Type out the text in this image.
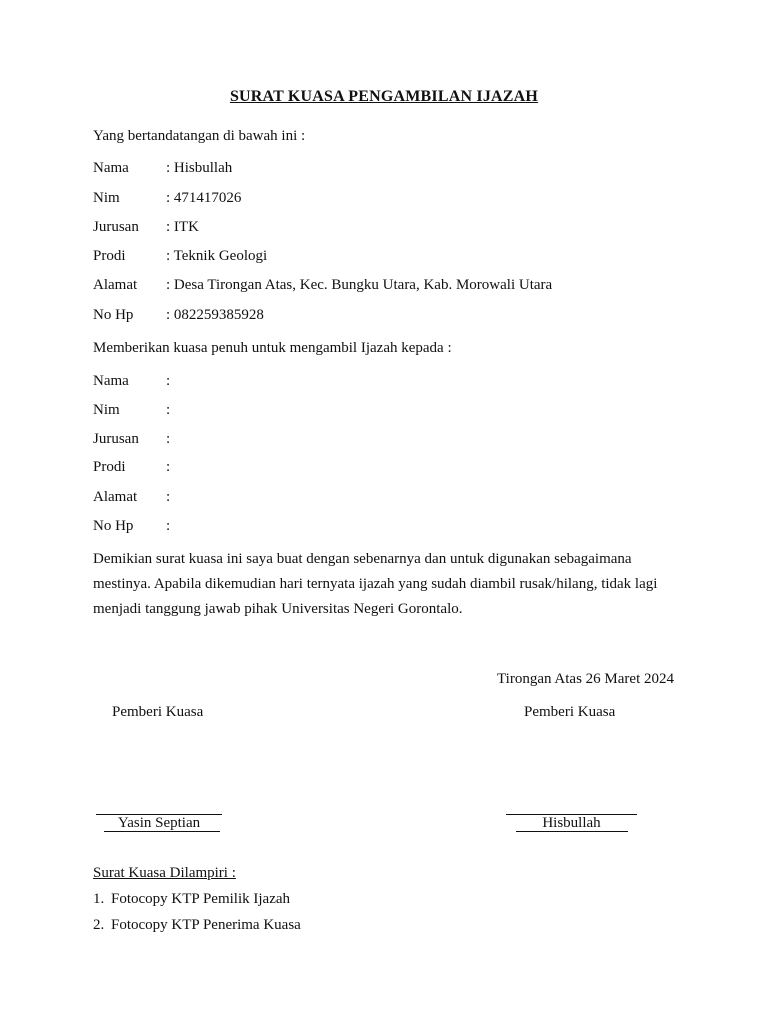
SURAT KUASA PENGAMBILAN IJAZAH
Yang bertandatangan di bawah ini :
Nama : Hisbullah
Nim	: 471417026
Jurusan : ITK
Prodi	: Teknik Geologi
Alamat : Desa Tirongan Atas, Kec. Bungku Utara, Kab. Morowali Utara
No Hp : 082259385928
Memberikan kuasa penuh untuk mengambil Ijazah kepada :
Nama :
Nim	:
Jurusan :
Prodi	:
Alamat :
No Hp :
Demikian surat kuasa ini saya buat dengan sebenarnya dan untuk digunakan sebagaimana mestinya. Apabila dikemudian hari ternyata ijazah yang sudah diambil rusak/hilang, tidak lagi menjadi tanggung jawab pihak Universitas Negeri Gorontalo.
Tirongan Atas 26 Maret 2024
Pemberi Kuasa	Pemberi Kuasa
Yasin Septian	Hisbullah
Surat Kuasa Dilampiri :
1. Fotocopy KTP Pemilik Ijazah
2. Fotocopy KTP Penerima Kuasa
